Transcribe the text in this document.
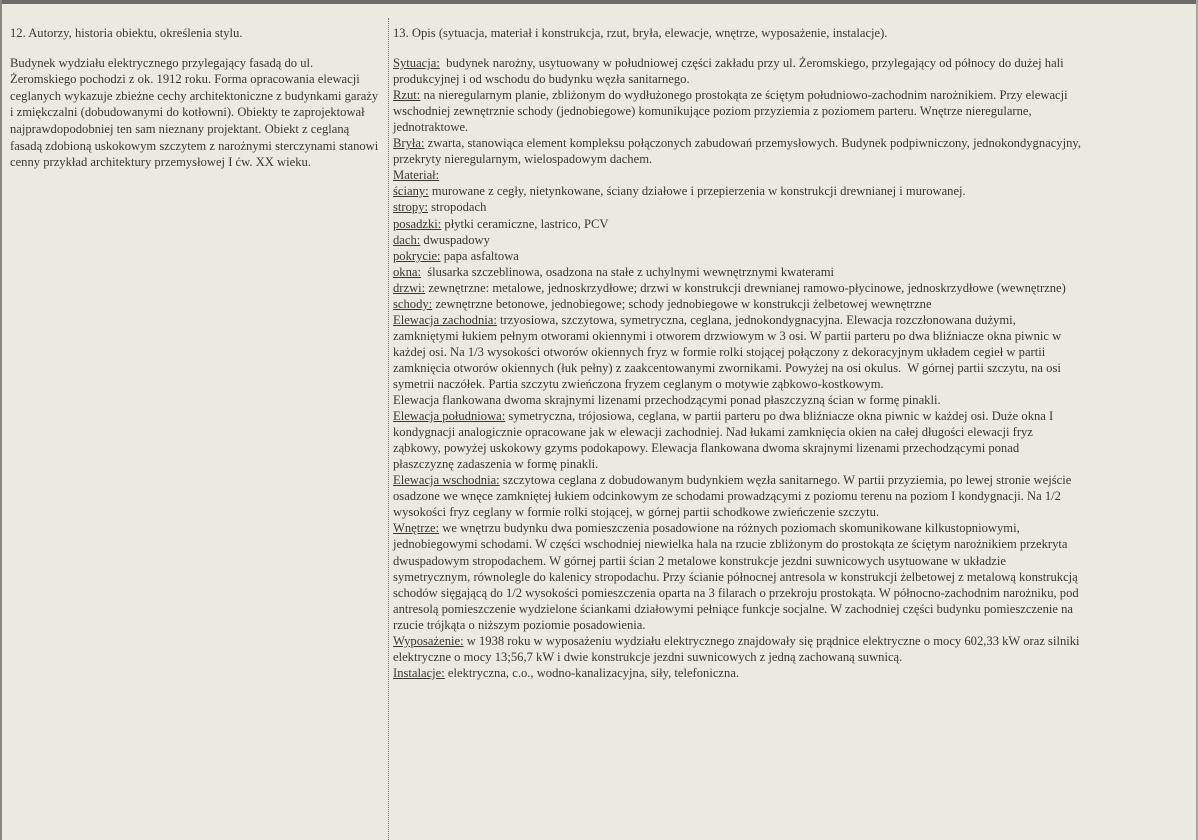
12. Autorzy, historia obiektu, określenia stylu.

Budynek wydziału elektrycznego przylegający fasadą do ul. Żeromskiego pochodzi z ok. 1912 roku. Forma opracowania elewacji ceglanych wykazuje zbieżne cechy architektoniczne z budynkami garaży i zmiękczalni (dobudowanymi do kotłowni). Obiekty te zaprojektował najprawdopodobniej ten sam nieznany projektant. Obiekt z ceglaną fasadą zdobioną uskokowym szczytem z narożnymi sterczynami stanowi cenny przykład architektury przemysłowej I ćw. XX wieku.

13. Opis (sytuacja, materiał i konstrukcja, rzut, bryła, elewacje, wnętrze, wyposażenie, instalacje).

Sytuacja:  budynek narożny, usytuowany w południowej części zakładu przy ul. Żeromskiego, przylegający od północy do dużej hali produkcyjnej i od wschodu do budynku węzła sanitarnego.

Rzut: na nieregularnym planie, zbliżonym do wydłużonego prostokąta ze ściętym południowo-zachodnim narożnikiem. Przy elewacji wschodniej zewnętrznie schody (jednobiegowe) komunikujące poziom przyziemia z poziomem parteru. Wnętrze nieregularne, jednotraktowe.

Bryła: zwarta, stanowiąca element kompleksu połączonych zabudowań przemysłowych. Budynek podpiwniczony, jednokondygnacyjny, przekryty nieregularnym, wielospadowym dachem.

Materiał:

ściany: murowane z cegły, nietynkowane, ściany działowe i przepierzenia w konstrukcji drewnianej i murowanej.

stropy: stropodach

posadzki: płytki ceramiczne, lastrico, PCV

dach: dwuspadowy

pokrycie: papa asfaltowa

okna:  ślusarka szczeblinowa, osadzona na stałe z uchylnymi wewnętrznymi kwaterami

drzwi: zewnętrzne: metalowe, jednoskrzydłowe; drzwi w konstrukcji drewnianej ramowo-płycinowe, jednoskrzydłowe (wewnętrzne)

schody: zewnętrzne betonowe, jednobiegowe; schody jednobiegowe w konstrukcji żelbetowej wewnętrzne

Elewacja zachodnia: trzyosiowa, szczytowa, symetryczna, ceglana, jednokondygnacyjna. Elewacja rozczłonowana dużymi, zamkniętymi łukiem pełnym otworami okiennymi i otworem drzwiowym w 3 osi. W partii parteru po dwa bliźniacze okna piwnic w każdej osi. Na 1/3 wysokości otworów okiennych fryz w formie rolki stojącej połączony z dekoracyjnym układem cegieł w partii zamknięcia otworów okiennych (łuk pełny) z zaakcentowanymi zwornikami. Powyżej na osi okulus.  W górnej partii szczytu, na osi symetrii naczółek. Partia szczytu zwieńczona fryzem ceglanym o motywie ząbkowo-kostkowym.

Elewacja flankowana dwoma skrajnymi lizenami przechodzącymi ponad płaszczyzną ścian w formę pinakli.

Elewacja południowa: symetryczna, trójosiowa, ceglana, w partii parteru po dwa bliźniacze okna piwnic w każdej osi. Duże okna I kondygnacji analogicznie opracowane jak w elewacji zachodniej. Nad łukami zamknięcia okien na całej długości elewacji fryz ząbkowy, powyżej uskokowy gzyms podokapowy. Elewacja flankowana dwoma skrajnymi lizenami przechodzącymi ponad płaszczyznę zadaszenia w formę pinakli.

Elewacja wschodnia: szczytowa ceglana z dobudowanym budynkiem węzła sanitarnego. W partii przyziemia, po lewej stronie wejście osadzone we wnęce zamkniętej łukiem odcinkowym ze schodami prowadzącymi z poziomu terenu na poziom I kondygnacji. Na 1/2 wysokości fryz ceglany w formie rolki stojącej, w górnej partii schodkowe zwieńczenie szczytu.

Wnętrze: we wnętrzu budynku dwa pomieszczenia posadowione na różnych poziomach skomunikowane kilkustopniowymi, jednobiegowymi schodami. W części wschodniej niewielka hala na rzucie zbliżonym do prostokąta ze ściętym narożnikiem przekryta dwuspadowym stropodachem. W górnej partii ścian 2 metalowe konstrukcje jezdni suwnicowych usytuowane w układzie symetrycznym, równolegle do kalenicy stropodachu. Przy ścianie północnej antresola w konstrukcji żelbetowej z metalową konstrukcją schodów sięgającą do 1/2 wysokości pomieszczenia oparta na 3 filarach o przekroju prostokąta. W północno-zachodnim narożniku, pod antresolą pomieszczenie wydzielone ściankami działowymi pełniące funkcje socjalne. W zachodniej części budynku pomieszczenie na rzucie trójkąta o niższym poziomie posadowienia.

Wyposażenie: w 1938 roku w wyposażeniu wydziału elektrycznego znajdowały się prądnice elektryczne o mocy 602,33 kW oraz silniki elektryczne o mocy 13;56,7 kW i dwie konstrukcje jezdni suwnicowych z jedną zachowaną suwnicą.

Instalacje: elektryczna, c.o., wodno-kanalizacyjna, siły, telefoniczna.
